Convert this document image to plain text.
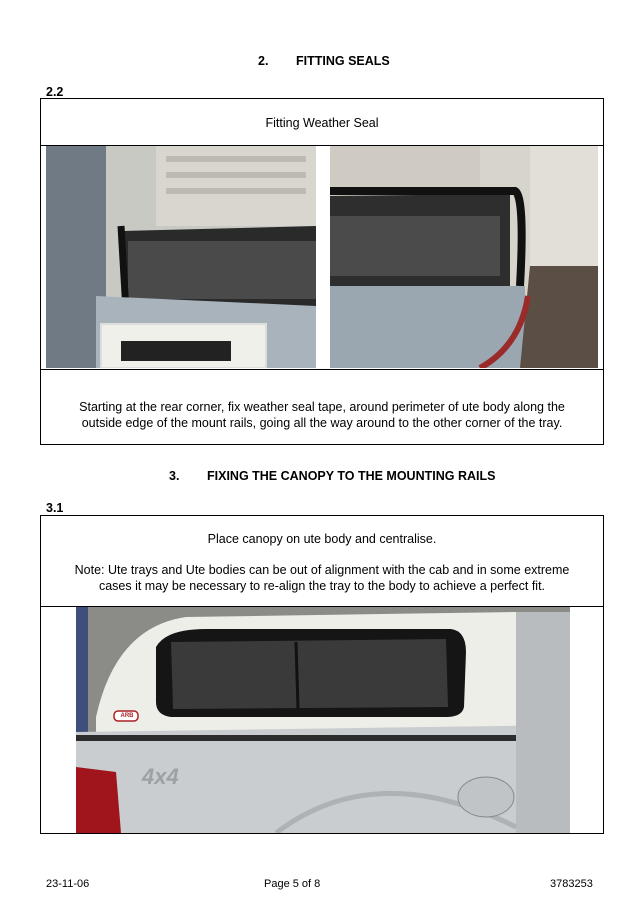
2. FITTING SEALS
2.2
Fitting Weather Seal
Starting at the rear corner, fix weather seal tape, around perimeter of ute body along the outside edge of the mount rails, going all the way around to the other corner of the tray.
3. FIXING THE CANOPY TO THE MOUNTING RAILS
3.1
Place canopy on ute body and centralise.
Note: Ute trays and Ute bodies can be out of alignment with the cab and in some extreme cases it may be necessary to re-align the tray to the body to achieve a perfect fit.
ARB
4x4
23-11-06	Page 5 of 8	3783253
